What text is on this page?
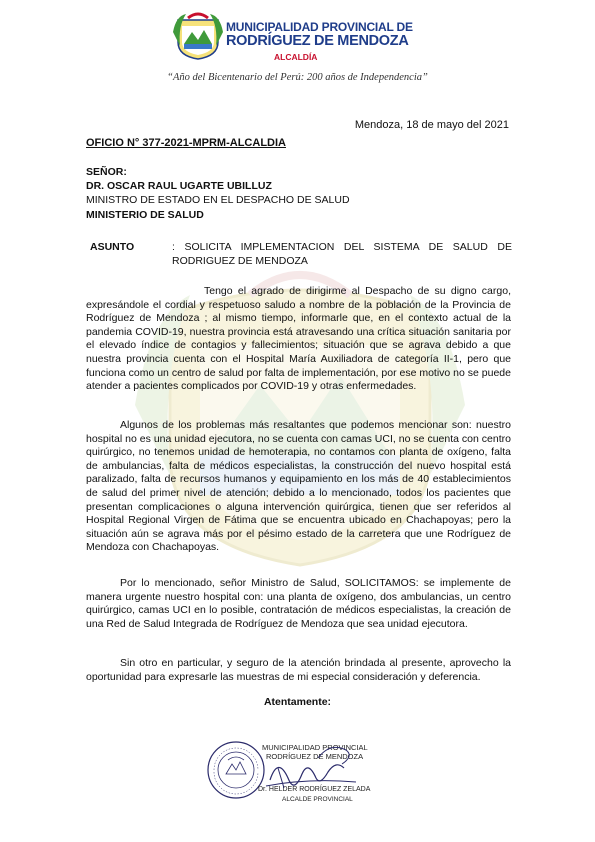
MUNICIPALIDAD PROVINCIAL DE
RODRÍGUEZ DE MENDOZA
ALCALDÍA
“Año del Bicentenario del Perú: 200 años de Independencia”
Mendoza, 18 de mayo del 2021
OFICIO N° 377-2021-MPRM-ALCALDIA
SEÑOR:
DR. OSCAR RAUL UGARTE UBILLUZ
MINISTRO DE ESTADO EN EL DESPACHO DE SALUD
MINISTERIO DE SALUD
ASUNTO	: SOLICITA IMPLEMENTACION DEL SISTEMA DE SALUD DE RODRIGUEZ DE MENDOZA
Tengo el agrado de dirigirme al Despacho de su digno cargo, expresándole el cordial y respetuoso saludo a nombre de la población de la Provincia de Rodríguez de Mendoza ; al mismo tiempo, informarle que, en el contexto actual de la pandemia COVID-19, nuestra provincia está atravesando una crítica situación sanitaria por el elevado índice de contagios y fallecimientos; situación que se agrava debido a que nuestra provincia cuenta con el Hospital María Auxiliadora de categoría II-1, pero que funciona como un centro de salud por falta de implementación, por ese motivo no se puede atender a pacientes complicados por COVID-19 y otras enfermedades.
Algunos de los problemas más resaltantes que podemos mencionar son: nuestro hospital no es una unidad ejecutora, no se cuenta con camas UCI, no se cuenta con centro quirúrgico, no tenemos unidad de hemoterapia, no contamos con planta de oxígeno, falta de ambulancias, falta de médicos especialistas, la construcción del nuevo hospital está paralizado, falta de recursos humanos y equipamiento en los más de 40 establecimientos de salud del primer nivel de atención; debido a lo mencionado, todos los pacientes que presentan complicaciones o alguna intervención quirúrgica, tienen que ser referidos al Hospital Regional Virgen de Fátima que se encuentra ubicado en Chachapoyas; pero la situación aún se agrava más por el pésimo estado de la carretera que une Rodríguez de Mendoza con Chachapoyas.
Por lo mencionado, señor Ministro de Salud, SOLICITAMOS: se implemente de manera urgente nuestro hospital con: una planta de oxígeno, dos ambulancias, un centro quirúrgico, camas UCI en lo posible, contratación de médicos especialistas, la creación de una Red de Salud Integrada de Rodríguez de Mendoza que sea unidad ejecutora.
Sin otro en particular, y seguro de la atención brindada al presente, aprovecho la oportunidad para expresarle las muestras de mi especial consideración y deferencia.
Atentamente:
MUNICIPALIDAD PROVINCIAL
RODRÍGUEZ DE MENDOZA
Dr. HELDER RODRÍGUEZ ZELADA
ALCALDE PROVINCIAL
